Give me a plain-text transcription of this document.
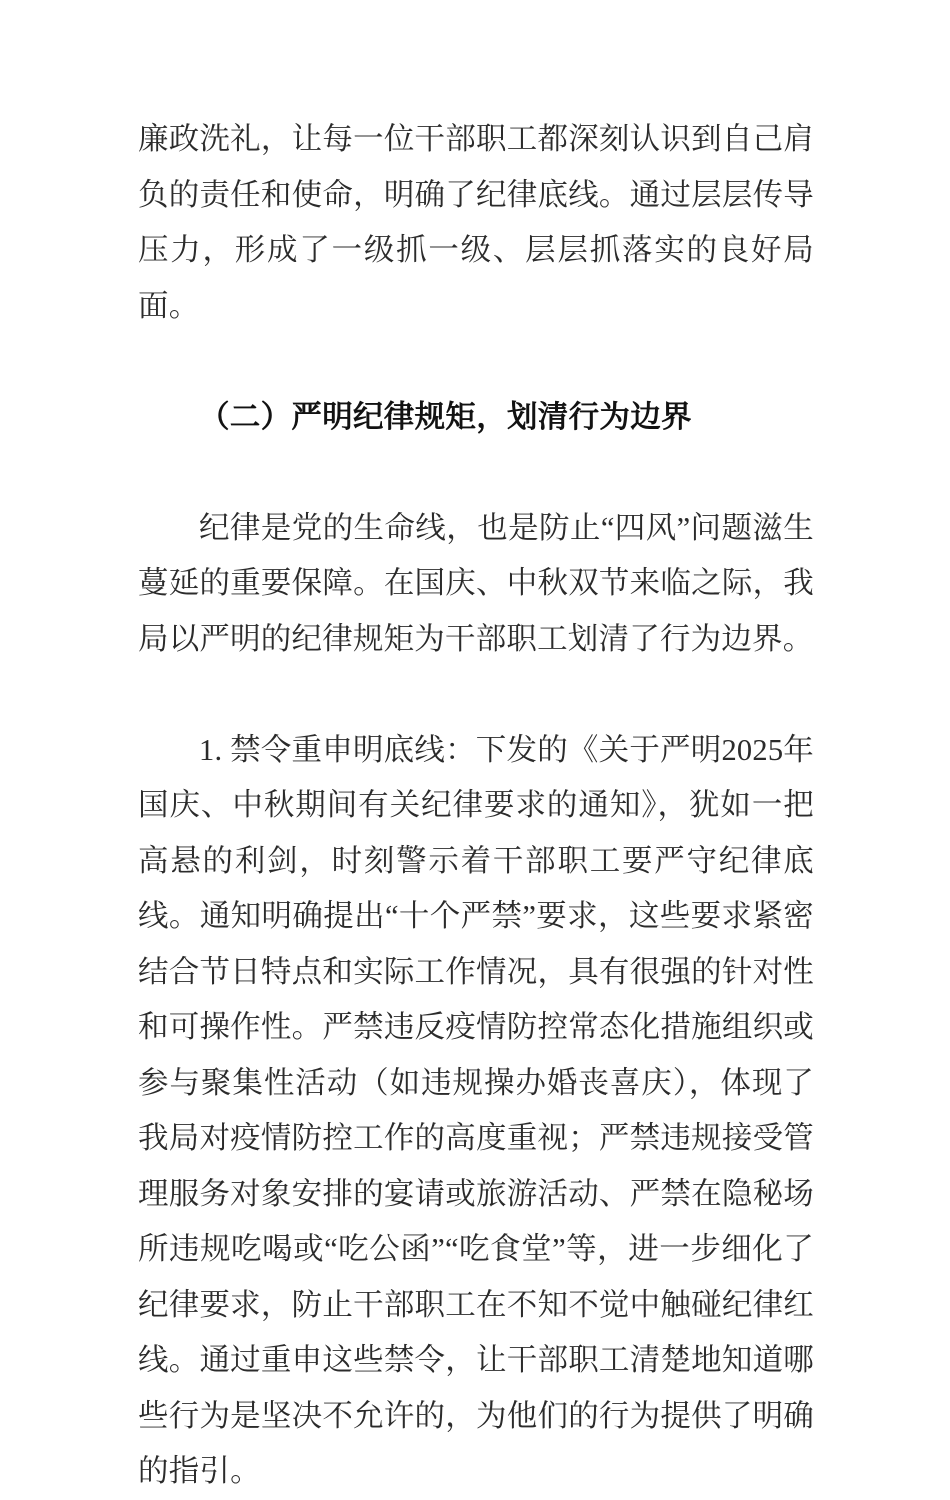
廉政洗礼，让每一位干部职工都深刻认识到自己肩负的责任和使命，明确了纪律底线。通过层层传导压力，形成了一级抓一级、层层抓落实的良好局面。

（二）严明纪律规矩，划清行为边界

纪律是党的生命线，也是防止“四风”问题滋生蔓延的重要保障。在国庆、中秋双节来临之际，我局以严明的纪律规矩为干部职工划清了行为边界。

1. 禁令重申明底线：下发的《关于严明2025年国庆、中秋期间有关纪律要求的通知》，犹如一把高悬的利剑，时刻警示着干部职工要严守纪律底线。通知明确提出“十个严禁”要求，这些要求紧密结合节日特点和实际工作情况，具有很强的针对性和可操作性。严禁违反疫情防控常态化措施组织或参与聚集性活动（如违规操办婚丧喜庆），体现了我局对疫情防控工作的高度重视；严禁违规接受管理服务对象安排的宴请或旅游活动、严禁在隐秘场所违规吃喝或“吃公函”“吃食堂”等，进一步细化了纪律要求，防止干部职工在不知不觉中触碰纪律红线。通过重申这些禁令，让干部职工清楚地知道哪些行为是坚决不允许的，为他们的行为提供了明确的指引。
